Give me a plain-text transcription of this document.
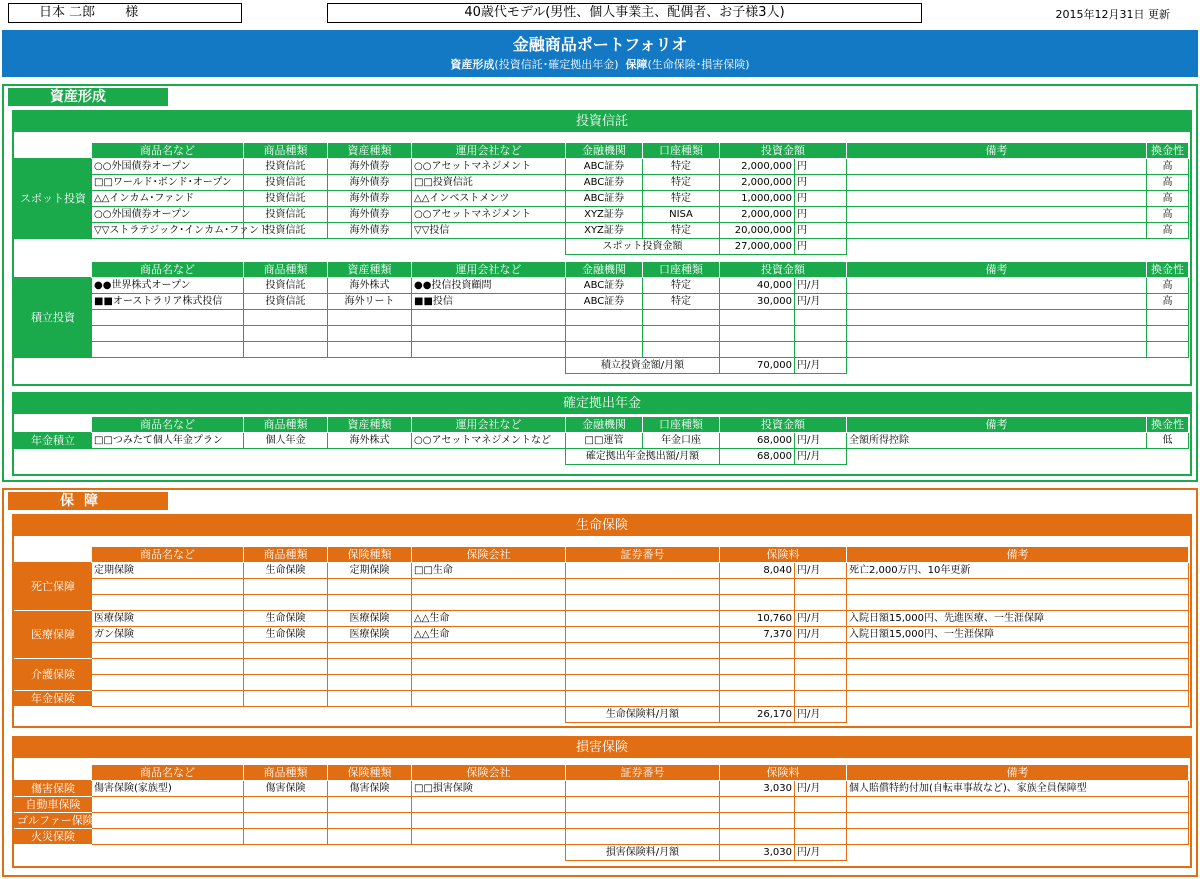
日本 二郎　　 様	40歳代モデル(男性、個人事業主、配偶者、お子様3人)	2015年12月31日 更新
金融商品ポートフォリオ
資産形成(投資信託･確定拠出年金) 保障(生命保険･損害保険)
資産形成
投資信託
	商品名など	商品種類	資産種類	運用会社など	金融機関	口座種類	投資金額		備考	換金性
スポット投資	○○外国債券オープン	投資信託	海外債券	○○アセットマネジメント	ABC証券	特定	2,000,000	円		高
	□□ワールド･ボンド･オープン	投資信託	海外債券	□□投資信託	ABC証券	特定	2,000,000	円		高
	△△インカム･ファンド	投資信託	海外債券	△△インベストメンツ	ABC証券	特定	1,000,000	円		高
	○○外国債券オープン	投資信託	海外債券	○○アセットマネジメント	XYZ証券	NISA	2,000,000	円		高
	▽▽ストラテジック･インカム･ファンド	投資信託	海外債券	▽▽投信	XYZ証券	特定	20,000,000	円		高
					スポット投資金額		27,000,000	円		
	商品名など	商品種類	資産種類	運用会社など	金融機関	口座種類	投資金額		備考	換金性
積立投資	●●世界株式オープン	投資信託	海外株式	●●投信投資顧問	ABC証券	特定	40,000	円/月		高
	■■オーストラリア株式投信	投資信託	海外リート	■■投信	ABC証券	特定	30,000	円/月		高

					積立投資金額/月額		70,000	円/月		
確定拠出年金
	商品名など	商品種類	資産種類	運用会社など	金融機関	口座種類	投資金額		備考	換金性
年金積立	□□つみたて個人年金プラン	個人年金	海外株式	○○アセットマネジメントなど	□□運管	年金口座	68,000	円/月	全額所得控除	低
					確定拠出年金拠出額/月額		68,000	円/月		
保障
生命保険
	商品名など	商品種類	保険種類	保険会社	証券番号	保険料		備考
死亡保障	定期保険	生命保険	定期保険	□□生命		8,040	円/月	死亡2,000万円、10年更新

医療保障	医療保険	生命保険	医療保険	△△生命		10,760	円/月	入院日額15,000円、先進医療、一生涯保障
	ガン保険	生命保険	医療保険	△△生命		7,370	円/月	入院日額15,000円、一生涯保障

介護保険								

年金保険								
					生命保険料/月額	26,170	円/月	
損害保険
	商品名など	商品種類	保険種類	保険会社	証券番号	保険料		備考
傷害保険	傷害保険(家族型)	傷害保険	傷害保険	□□損害保険		3,030	円/月	個人賠償特約付加(自転車事故など)、家族全員保障型
自動車保険								
ゴルファー保険								
火災保険								
					損害保険料/月額	3,030	円/月	
